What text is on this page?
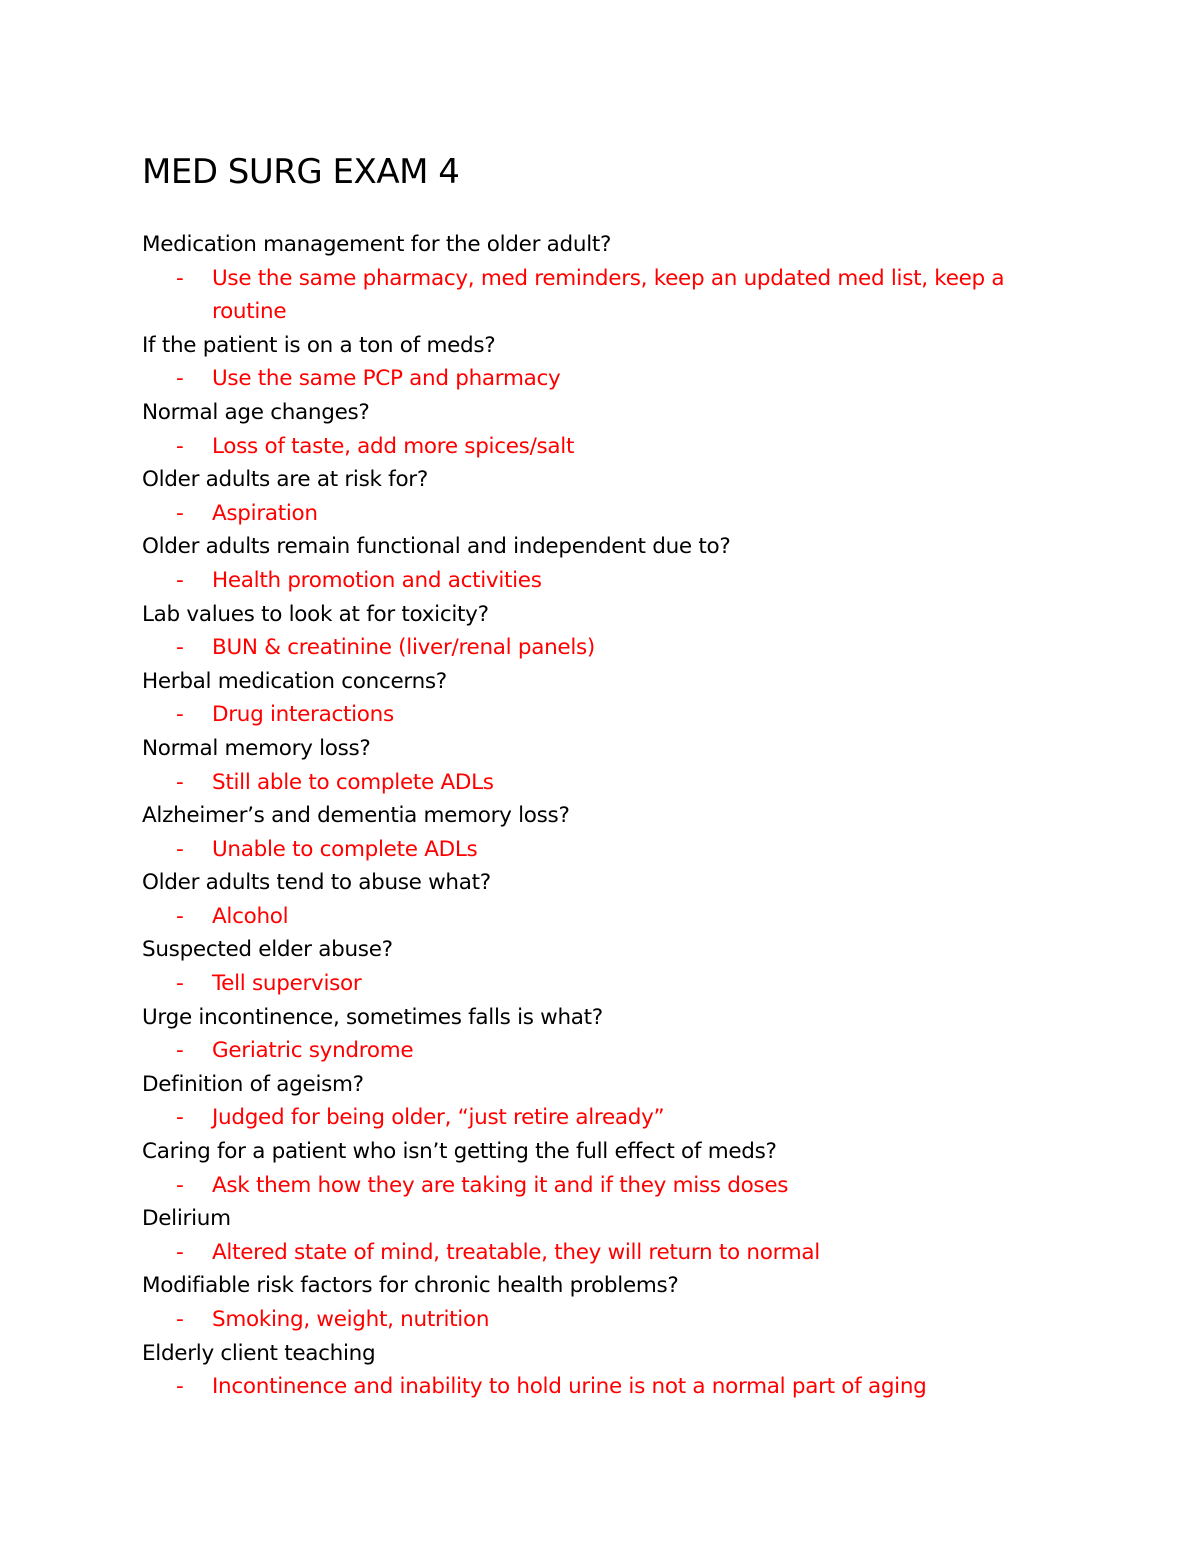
MED SURG EXAM 4
Medication management for the older adult?
- Use the same pharmacy, med reminders, keep an updated med list, keep a routine
If the patient is on a ton of meds?
- Use the same PCP and pharmacy
Normal age changes?
- Loss of taste, add more spices/salt
Older adults are at risk for?
- Aspiration
Older adults remain functional and independent due to?
- Health promotion and activities
Lab values to look at for toxicity?
- BUN & creatinine (liver/renal panels)
Herbal medication concerns?
- Drug interactions
Normal memory loss?
- Still able to complete ADLs
Alzheimer’s and dementia memory loss?
- Unable to complete ADLs
Older adults tend to abuse what?
- Alcohol
Suspected elder abuse?
- Tell supervisor
Urge incontinence, sometimes falls is what?
- Geriatric syndrome
Definition of ageism?
- Judged for being older, “just retire already”
Caring for a patient who isn’t getting the full effect of meds?
- Ask them how they are taking it and if they miss doses
Delirium
- Altered state of mind, treatable, they will return to normal
Modifiable risk factors for chronic health problems?
- Smoking, weight, nutrition
Elderly client teaching
- Incontinence and inability to hold urine is not a normal part of aging
